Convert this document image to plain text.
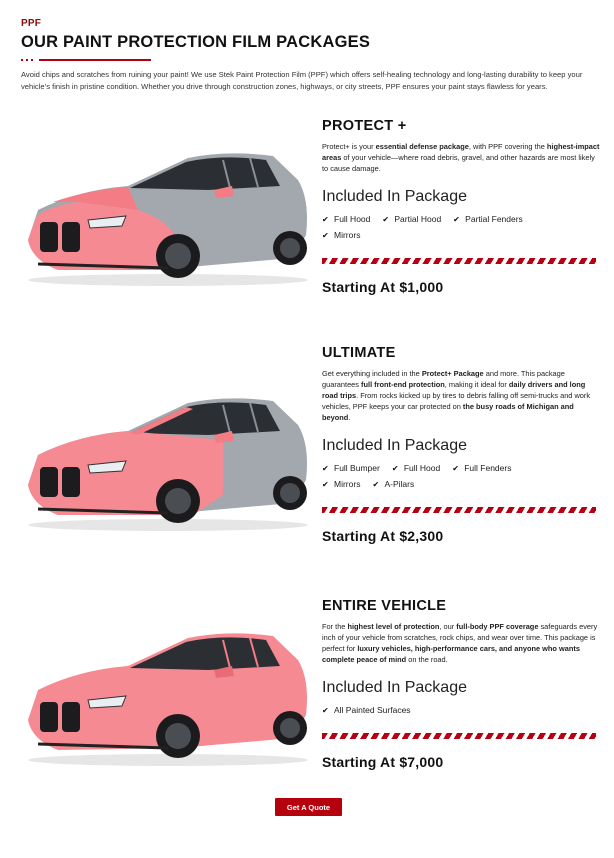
PPF
OUR PAINT PROTECTION FILM PACKAGES

Avoid chips and scratches from ruining your paint! We use Stek Paint Protection Film (PPF) which offers self-healing technology and long-lasting durability to keep your vehicle’s finish in pristine condition. Whether you drive through construction zones, highways, or city streets, PPF ensures your paint stays flawless for years.

PROTECT +

Protect+ is your essential defense package, with PPF covering the highest-impact areas of your vehicle—where road debris, gravel, and other hazards are most likely to cause damage.

Included In Package
✔ Full Hood ✔ Partial Hood ✔ Partial Fenders
✔ Mirrors
Starting At $1,000
ULTIMATE

Get everything included in the Protect+ Package and more. This package guarantees full front-end protection, making it ideal for daily drivers and long road trips. From rocks kicked up by tires to debris falling off semi-trucks and work vehicles, PPF keeps your car protected on the busy roads of Michigan and beyond.

Included In Package
✔ Full Bumper ✔ Full Hood ✔ Full Fenders
✔ Mirrors ✔ A-Pilars
Starting At $2,300
ENTIRE VEHICLE

For the highest level of protection, our full-body PPF coverage safeguards every inch of your vehicle from scratches, rock chips, and wear over time. This package is perfect for luxury vehicles, high-performance cars, and anyone who wants complete peace of mind on the road.

Included In Package
✔ All Painted Surfaces
Starting At $7,000
Get A Quote
